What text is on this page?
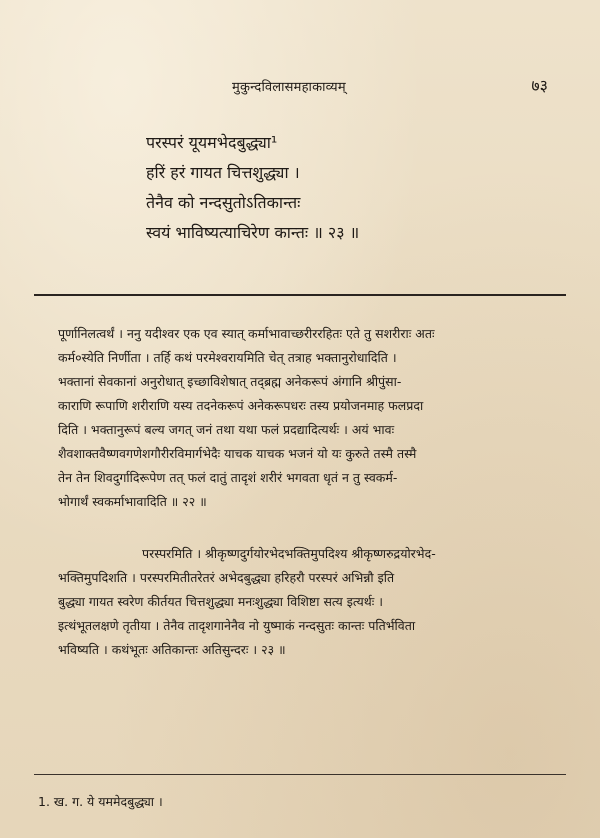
मुकुन्दविलासमहाकाव्यम्	७३
परस्परं यूयमभेदबुद्ध्या¹
हरिं हरं गायत चित्तशुद्ध्या ।
तेनैव को नन्दसुतोऽतिकान्तः
स्वयं भाविष्यत्याचिरेण कान्तः ॥ २३ ॥
पूर्णानिलत्वर्थं । ननु यदीश्वर एक एव स्यात् कर्माभावाच्छरीररहितः एते तु सशरीराः अतः
कर्म०स्येति निर्णीता । तर्हि कथं परमेश्वरायमिति चेत् तत्राह भक्तानुरोधादिति ।
भक्तानां सेवकानां अनुरोधात् इच्छाविशेषात् तद्ब्रह्म अनेकरूपं अंगानि श्रीपुंसा-
काराणि रूपाणि शरीराणि यस्य तदनेकरूपं अनेकरूपधरः तस्य प्रयोजनमाह फलप्रदा
दिति । भक्तानुरूपं बल्य जगत् जनं तथा यथा फलं प्रदद्यादित्यर्थः । अयं भावः
शैवशाक्तवैष्णवगणेशगौरीरविमार्गभेदैः याचक याचक भजनं यो यः कुरुते तस्मै तस्मै
तेन तेन शिवदुर्गादिरूपेण तत् फलं दातुं तादृशं शरीरं भगवता धृतं न तु स्वकर्म-
भोगार्थं स्वकर्माभावादिति ॥ २२ ॥
परस्परमिति । श्रीकृष्णदुर्गयोरभेदभक्तिमुपदिश्य श्रीकृष्णरुद्रयोरभेद-
भक्तिमुपदिशति । परस्परमितीतरेतरं अभेदबुद्ध्या हरिहरौ परस्परं अभिन्नौ इति
बुद्ध्या गायत स्वरेण कीर्तयत चित्तशुद्ध्या मनःशुद्ध्या विशिष्टा सत्य इत्यर्थः ।
इत्थंभूतलक्षणे तृतीया । तेनैव तादृशगानेनैव नो युष्माकं नन्दसुतः कान्तः पतिर्भविता
भविष्यति । कथंभूतः अतिकान्तः अतिसुन्दरः । २३ ॥
1. ख. ग. ये यममेदबुद्ध्या ।
